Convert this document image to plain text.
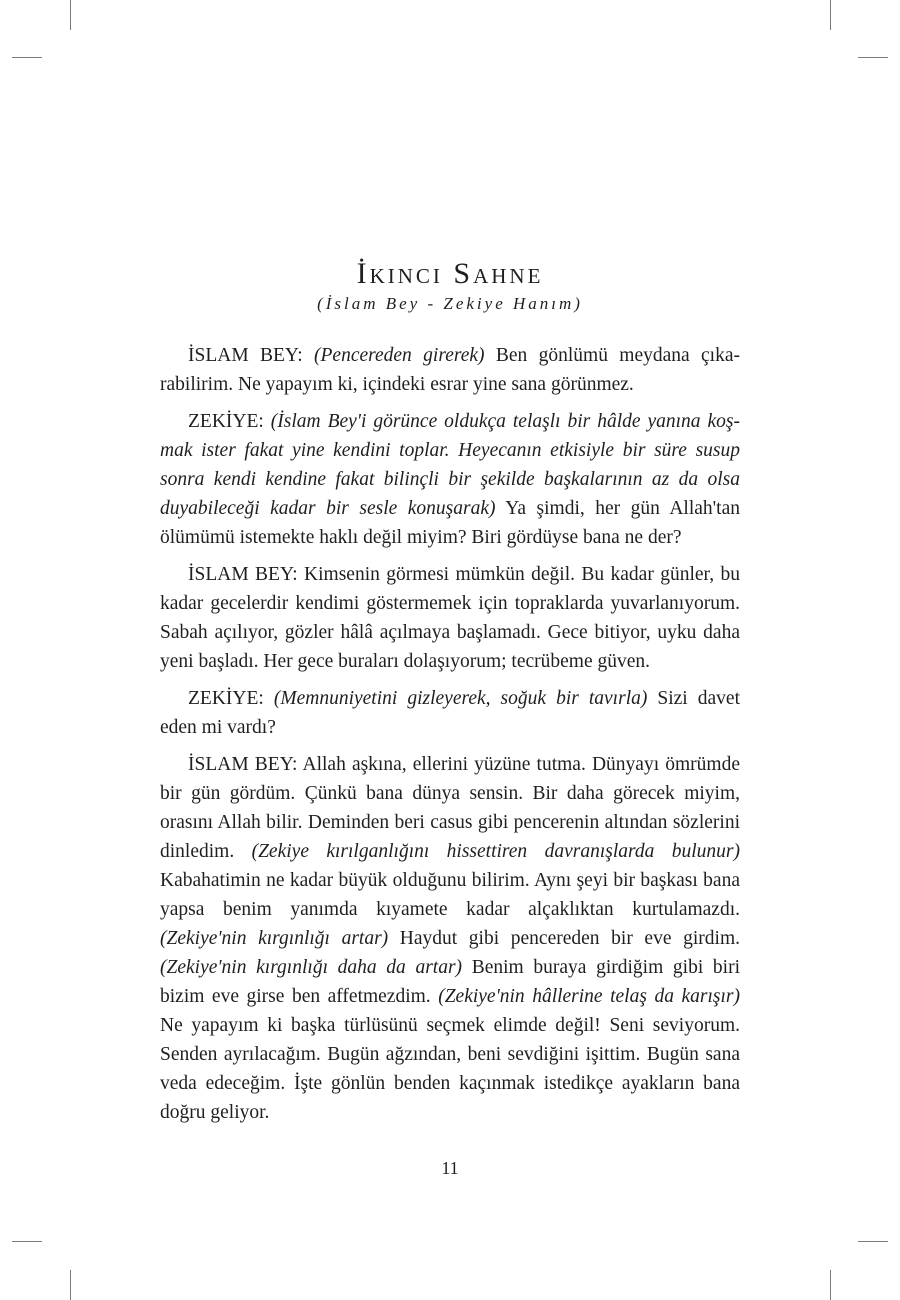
İkinci Sahne

(İslam Bey - Zekiye Hanım)

İSLAM BEY: (Pencereden girerek) Ben gönlümü meydana çıkarabilirim. Ne yapayım ki, içindeki esrar yine sana görünmez.

ZEKİYE: (İslam Bey'i görünce oldukça telaşlı bir hâlde yanına koşmak ister fakat yine kendini toplar. Heyecanın etkisiyle bir süre susup sonra kendi kendine fakat bilinçli bir şekilde başkalarının az da olsa duyabileceği kadar bir sesle konuşarak) Ya şimdi, her gün Allah'tan ölümümü istemekte haklı değil miyim? Biri gördüyse bana ne der?

İSLAM BEY: Kimsenin görmesi mümkün değil. Bu kadar günler, bu kadar gecelerdir kendimi göstermemek için topraklarda yuvarlanıyorum. Sabah açılıyor, gözler hâlâ açılmaya başlamadı. Gece bitiyor, uyku daha yeni başladı. Her gece buraları dolaşıyorum; tecrübeme güven.

ZEKİYE: (Memnuniyetini gizleyerek, soğuk bir tavırla) Sizi davet eden mi vardı?

İSLAM BEY: Allah aşkına, ellerini yüzüne tutma. Dünyayı ömrümde bir gün gördüm. Çünkü bana dünya sensin. Bir daha görecek miyim, orasını Allah bilir. Deminden beri casus gibi pencerenin altından sözlerini dinledim. (Zekiye kırılganlığını hissettiren davranışlarda bulunur) Kabahatimin ne kadar büyük olduğunu bilirim. Aynı şeyi bir başkası bana yapsa benim yanımda kıyamete kadar alçaklıktan kurtulamazdı. (Zekiye'nin kırgınlığı artar) Haydut gibi pencereden bir eve girdim. (Zekiye'nin kırgınlığı daha da artar) Benim buraya girdiğim gibi biri bizim eve girse ben affetmezdim. (Zekiye'nin hâllerine telaş da karışır) Ne yapayım ki başka türlüsünü seçmek elimde değil! Seni seviyorum. Senden ayrılacağım. Bugün ağzından, beni sevdiğini işittim. Bugün sana veda edeceğim. İşte gönlün benden kaçınmak istedikçe ayakların bana doğru geliyor.

11
